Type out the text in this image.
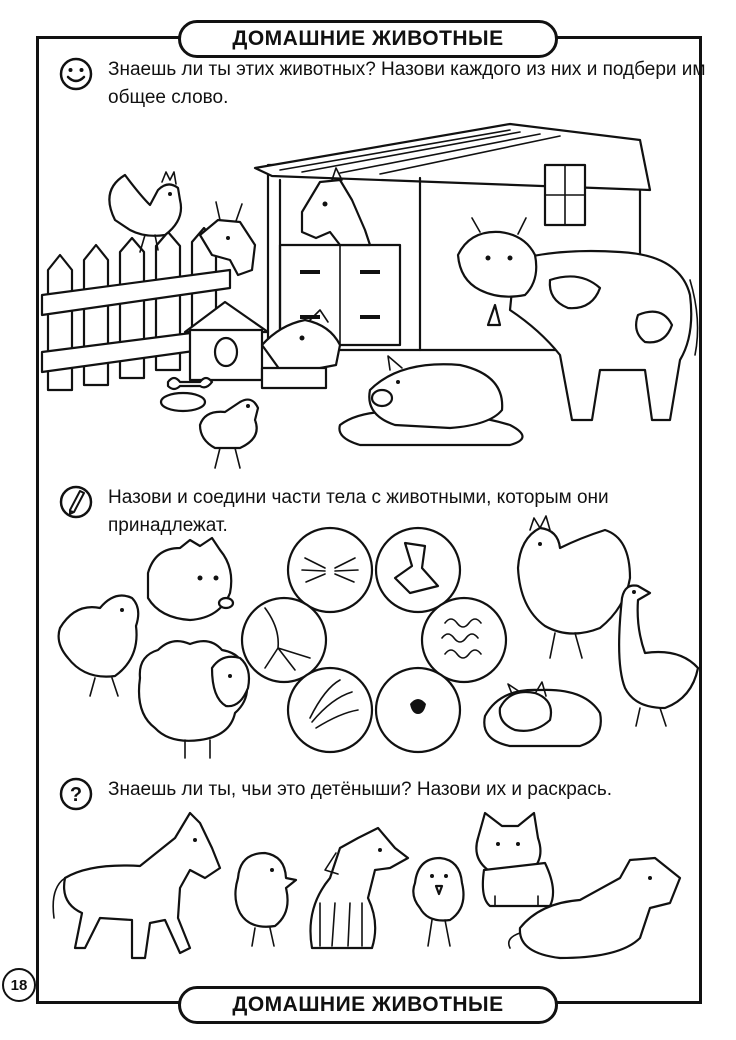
ДОМАШНИЕ ЖИВОТНЫЕ
Знаешь ли ты этих животных? Назови каждого из них и подбери им общее слово.
Назови и соедини части тела с животными, которым они принадлежат.
? Знаешь ли ты, чьи это детёныши? Назови их и раскрась.
18
ДОМАШНИЕ ЖИВОТНЫЕ
